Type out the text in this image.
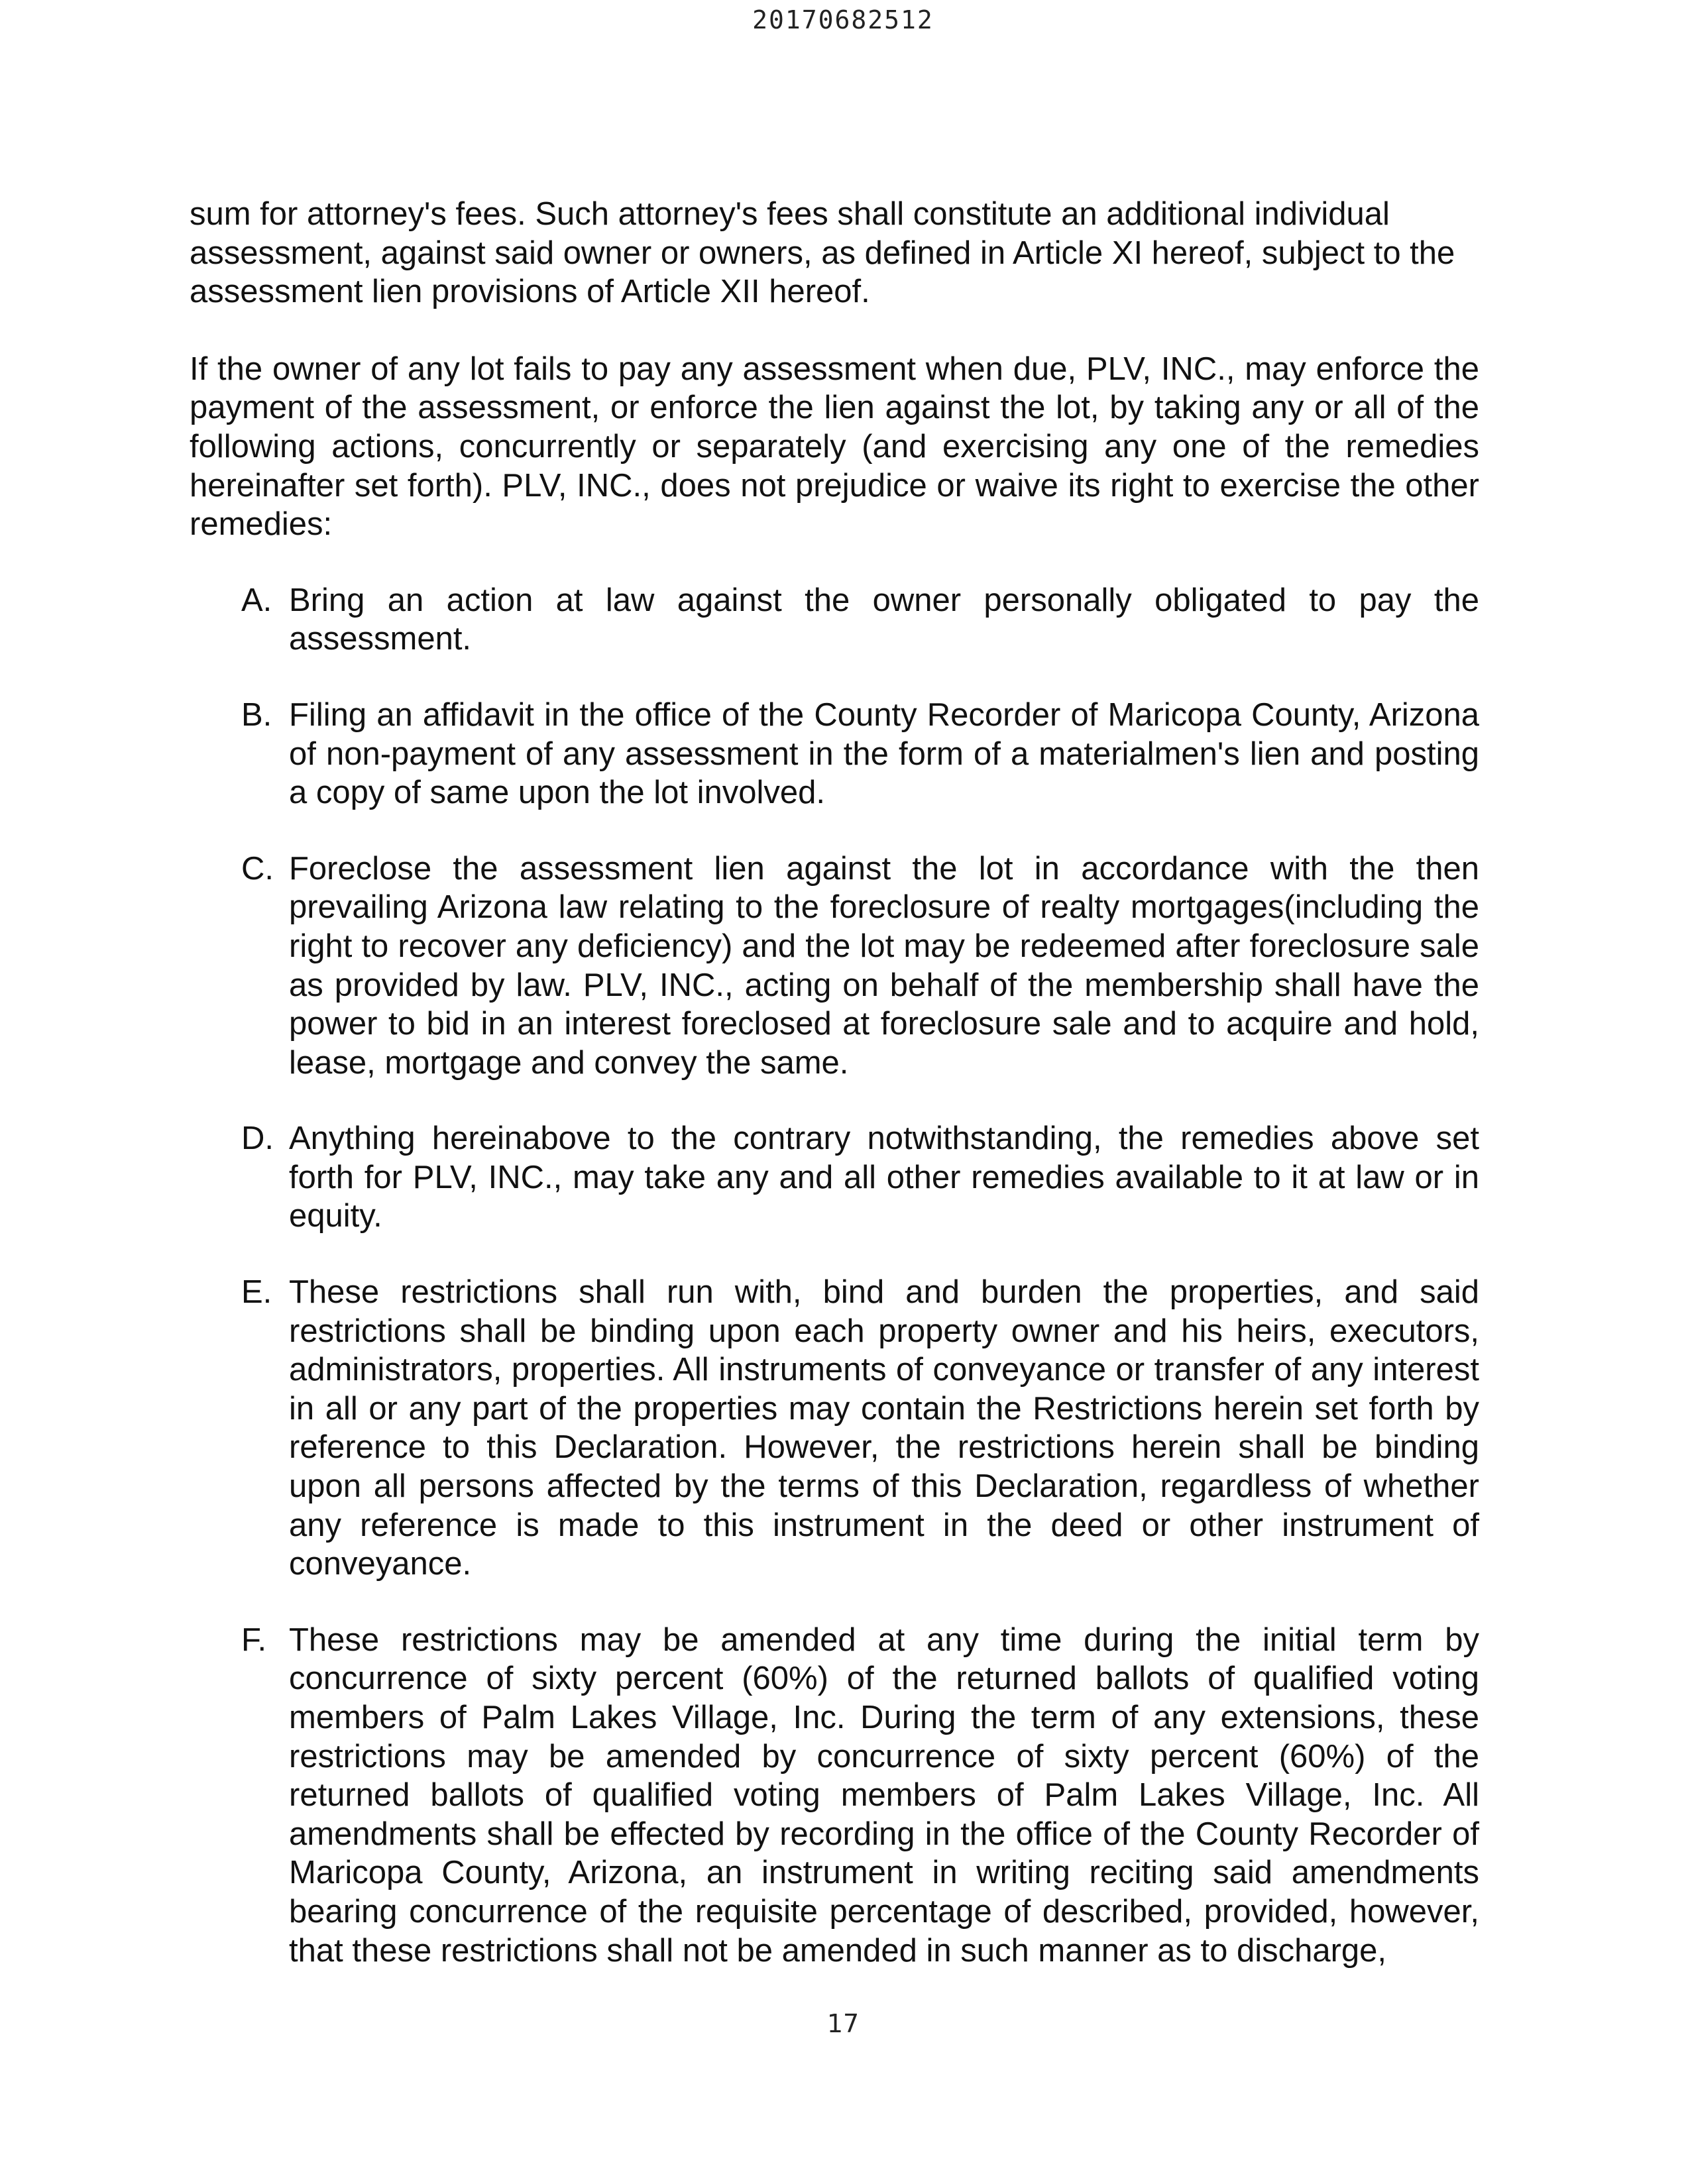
20170682512

sum for attorney's fees. Such attorney's fees shall constitute an additional individual assessment, against said owner or owners, as defined in Article XI hereof, subject to the assessment lien provisions of Article XII hereof.

If the owner of any lot fails to pay any assessment when due, PLV, INC., may enforce the payment of the assessment, or enforce the lien against the lot, by taking any or all of the following actions, concurrently or separately (and exercising any one of the remedies hereinafter set forth). PLV, INC., does not prejudice or waive its right to exercise the other remedies:

A. Bring an action at law against the owner personally obligated to pay the assessment.
B. Filing an affidavit in the office of the County Recorder of Maricopa County, Arizona of non-payment of any assessment in the form of a materialmen's lien and posting a copy of same upon the lot involved.
C. Foreclose the assessment lien against the lot in accordance with the then prevailing Arizona law relating to the foreclosure of realty mortgages(including the right to recover any deficiency) and the lot may be redeemed after foreclosure sale as provided by law. PLV, INC., acting on behalf of the membership shall have the power to bid in an interest foreclosed at foreclosure sale and to acquire and hold, lease, mortgage and convey the same.
D. Anything hereinabove to the contrary notwithstanding, the remedies above set forth for PLV, INC., may take any and all other remedies available to it at law or in equity.
E. These restrictions shall run with, bind and burden the properties, and said restrictions shall be binding upon each property owner and his heirs, executors, administrators, properties. All instruments of conveyance or transfer of any interest in all or any part of the properties may contain the Restrictions herein set forth by reference to this Declaration. However, the restrictions herein shall be binding upon all persons affected by the terms of this Declaration, regardless of whether any reference is made to this instrument in the deed or other instrument of conveyance.
F. These restrictions may be amended at any time during the initial term by concurrence of sixty percent (60%) of the returned ballots of qualified voting members of Palm Lakes Village, Inc. During the term of any extensions, these restrictions may be amended by concurrence of sixty percent (60%) of the returned ballots of qualified voting members of Palm Lakes Village, Inc. All amendments shall be effected by recording in the office of the County Recorder of Maricopa County, Arizona, an instrument in writing reciting said amendments bearing concurrence of the requisite percentage of described, provided, however, that these restrictions shall not be amended in such manner as to discharge,
17
